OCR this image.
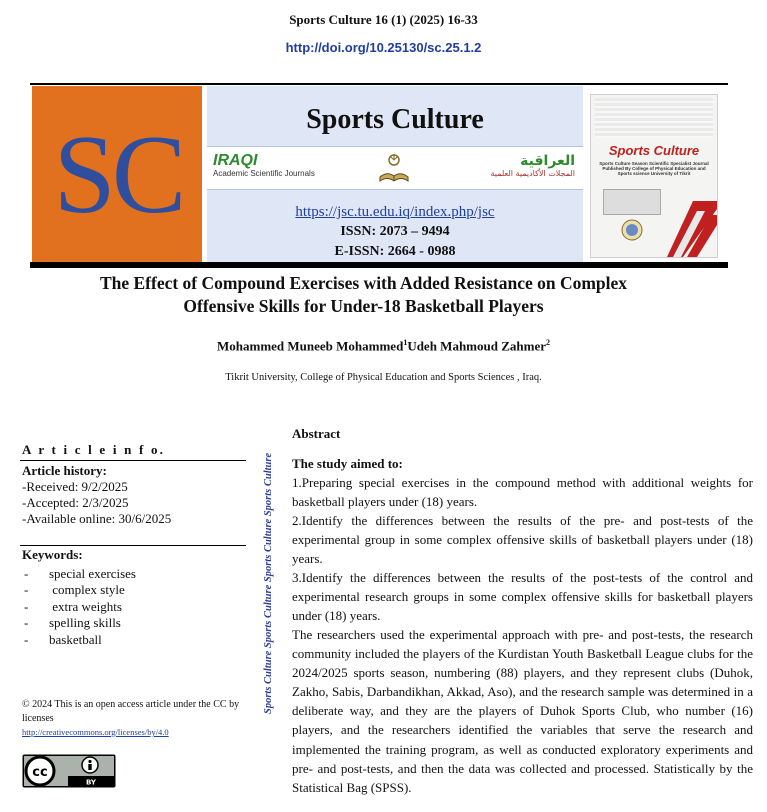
Sports Culture 16 (1) (2025) 16-33
http://doi.org/10.25130/sc.25.1.2
SC	Sports Culture
IRAQI
Academic Scientific Journals
العراقية
المجلات الأكاديمية العلمية
https://jsc.tu.edu.iq/index.php/jsc
ISSN: 2073 – 9494
E-ISSN: 2664 - 0988
Sports Culture
Sports Culture Season Scientific Specialist Journal Published By College of Physical Education and Sports science University of Tikrit
The Effect of Compound Exercises with Added Resistance on Complex
Offensive Skills for Under-18 Basketball Players
Mohammed Muneeb Mohammed$^1$Udeh Mahmoud Zahmer$^2$
Tikrit University, College of Physical Education and Sports Sciences , Iraq.
A r t i c l e i n f o.
Article history:
-Received: 9/2/2025
-Accepted: 2/3/2025
-Available online: 30/6/2025
Keywords:
- special exercises
- complex style
- extra weights
- spelling skills
- basketball
© 2024 This is an open access article under the CC by licenses
http://creativecommons.org/licenses/by/4.0
cc
BY
Sports Culture Sports Culture Sports Culture Sports Culture
Abstract
The study aimed to:
1.Preparing special exercises in the compound method with additional weights for basketball players under (18) years.
2.Identify the differences between the results of the pre- and post-tests of the experimental group in some complex offensive skills of basketball players under (18) years.
3.Identify the differences between the results of the post-tests of the control and experimental research groups in some complex offensive skills for basketball players under (18) years.
The researchers used the experimental approach with pre- and post-tests, the research community included the players of the Kurdistan Youth Basketball League clubs for the 2024/2025 sports season, numbering (88) players, and they represent clubs (Duhok, Zakho, Sabis, Darbandikhan, Akkad, Aso), and the research sample was determined in a deliberate way, and they are the players of Duhok Sports Club, who number (16) players, and the researchers identified the variables that serve the research and implemented the training program, as well as conducted exploratory experiments and pre- and post-tests, and then the data was collected and processed. Statistically by the Statistical Bag (SPSS).
